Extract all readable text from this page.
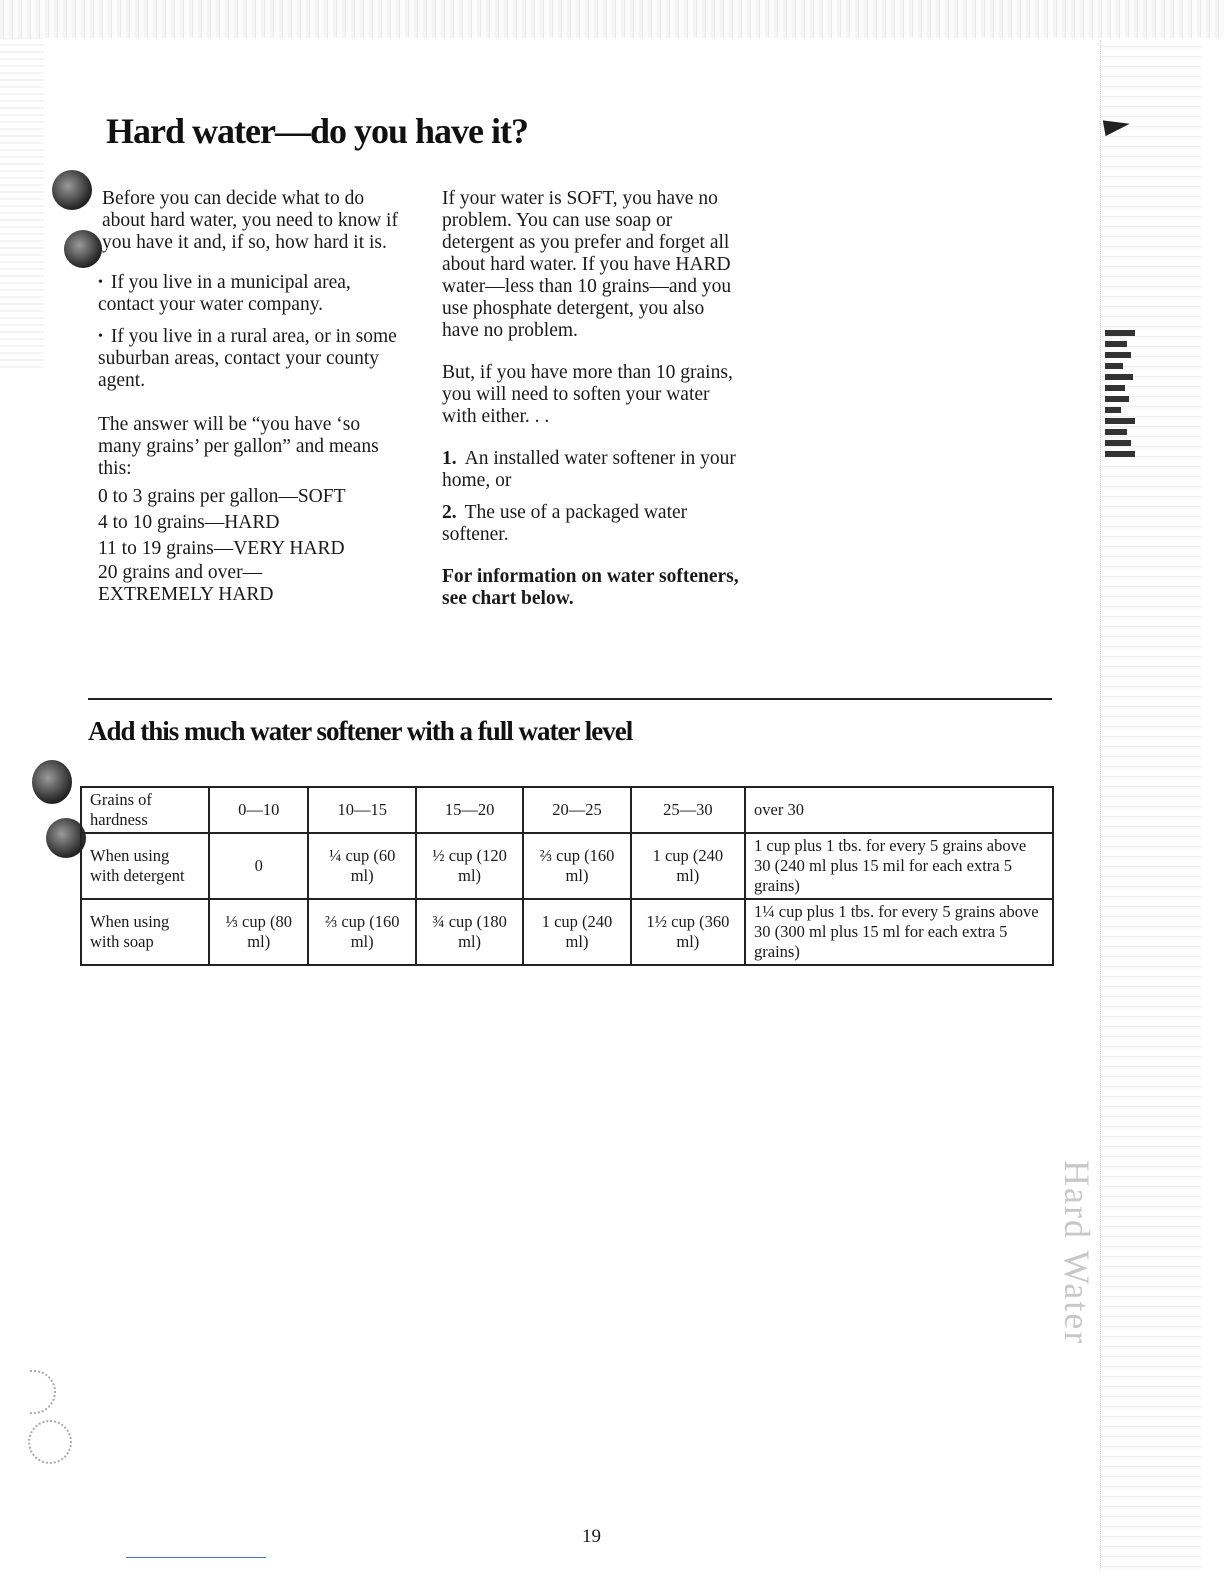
Hard Water
Hard water—do you have it?

Before you can decide what to do about hard water, you need to know if you have it and, if so, how hard it is.

• If you live in a municipal area, contact your water company.

• If you live in a rural area, or in some suburban areas, contact your county agent.

The answer will be “you have ‘so many grains’ per gallon” and means this:

0 to 3 grains per gallon—SOFT

4 to 10 grains—HARD

11 to 19 grains—VERY HARD

20 grains and over— EXTREMELY HARD

If your water is SOFT, you have no problem. You can use soap or detergent as you prefer and forget all about hard water. If you have HARD water—less than 10 grains—and you use phosphate detergent, you also have no problem.

But, if you have more than 10 grains, you will need to soften your water with either. . .

1. An installed water softener in your home, or

2. The use of a packaged water softener.

For information on water softeners, see chart below.

Add this much water softener with a full water level
Grains of hardness	0—10	10—15	15—20	20—25	25—30	over 30
When using with detergent	0	¼ cup (60 ml)	½ cup (120 ml)	⅔ cup (160 ml)	1 cup (240 ml)	1 cup plus 1 tbs. for every 5 grains above 30 (240 ml plus 15 mil for each extra 5 grains)
When using with soap	⅓ cup (80 ml)	⅔ cup (160 ml)	¾ cup (180 ml)	1 cup (240 ml)	1½ cup (360 ml)	1¼ cup plus 1 tbs. for every 5 grains above 30 (300 ml plus 15 ml for each extra 5 grains)
19
